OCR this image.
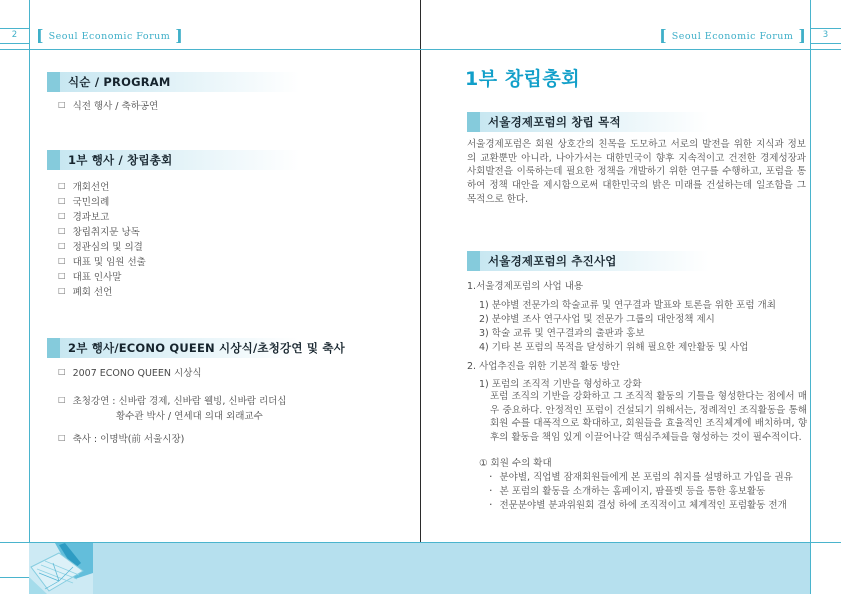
2	[ Seoul Economic Forum ]	[ Seoul Economic Forum ]	3
식순 / PROGRAM
□ 식전 행사 / 축하공연
1부 행사 / 창립총회
□ 개회선언
□ 국민의례
□ 경과보고
□ 창립취지문 낭독
□ 정관심의 및 의결
□ 대표 및 임원 선출
□ 대표 인사말
□ 폐회 선언
2부 행사/ECONO QUEEN 시상식/초청강연 및 축사
□ 2007 ECONO QUEEN 시상식
□ 초청강연 : 신바람 경제, 신바람 웰빙, 신바람 리더십
황수관 박사 / 연세대 의대 외래교수
□ 축사 : 이명박(前 서울시장)
1부 창립총회
서울경제포럼의 창립 목적
서울경제포럼은 회원 상호간의 친목을 도모하고 서로의 발전을 위한 지식과 정보의 교환뿐만 아니라, 나아가서는 대한민국이 향후 지속적이고 건전한 경제성장과 사회발전을 이룩하는데 필요한 정책을 개발하기 위한 연구를 수행하고, 포럼을 통하여 정책 대안을 제시함으로써 대한민국의 밝은 미래를 건설하는데 일조함을 그 목적으로 한다.
서울경제포럼의 추진사업
1.서울경제포럼의 사업 내용
1) 분야별 전문가의 학술교류 및 연구결과 발표와 토론을 위한 포럼 개최
2) 분야별 조사 연구사업 및 전문가 그룹의 대안정책 제시
3) 학술 교류 및 연구결과의 출판과 홍보
4) 기타 본 포럼의 목적을 달성하기 위해 필요한 제안활동 및 사업
2. 사업추진을 위한 기본적 활동 방안
1) 포럼의 조직적 기반을 형성하고 강화
포럼 조직의 기반을 강화하고 그 조직적 활동의 기틀을 형성한다는 점에서 매우 중요하다. 안정적인 포럼이 건설되기 위해서는, 정례적인 조직활동을 통해 회원 수를 대폭적으로 확대하고, 회원들을 효율적인 조직체계에 배치하며, 향후의 활동을 책임 있게 이끌어나갈 핵심주체들을 형성하는 것이 필수적이다.
① 회원 수의 확대
· 분야별, 직업별 잠재회원들에게 본 포럼의 취지를 설명하고 가입을 권유
· 본 포럼의 활동을 소개하는 홈페이지, 팜플렛 등을 통한 홍보활동
· 전문분야별 분과위원회 결성 하에 조직적이고 체계적인 포럼활동 전개
